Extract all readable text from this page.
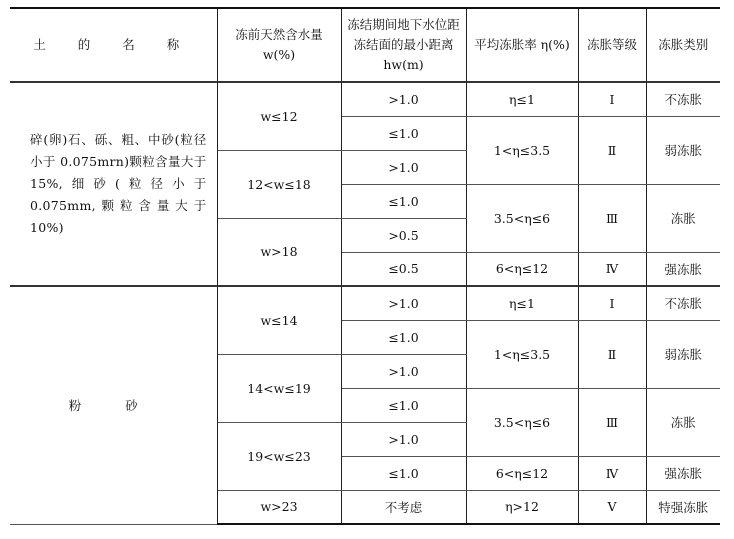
土 的 名 称	冻前天然含水量 w(%)	冻结期间地下水位距冻结面的最小距离 hw(m)	平均冻胀率 η(%)	冻胀等级	冻胀类别
碎(卵)石、砾、粗、中砂(粒径小于 0.075mrn)颗粒含量大于 15%,细砂(粒径小于 0.075mm,颗粒含量大于 10%)	w≤12	>1.0	η≤1	Ⅰ	不冻胀
		≤1.0	1<η≤3.5	Ⅱ	弱冻胀
	12<w≤18	>1.0			
		≤1.0	3.5<η≤6	Ⅲ	冻胀
	w>18	>0.5			
		≤0.5	6<η≤12	Ⅳ	强冻胀
粉 砂	w≤14	>1.0	η≤1	Ⅰ	不冻胀
		≤1.0	1<η≤3.5	Ⅱ	弱冻胀
	14<w≤19	>1.0			
		≤1.0	3.5<η≤6	Ⅲ	冻胀
	19<w≤23	>1.0			
		≤1.0	6<η≤12	Ⅳ	强冻胀
	w>23	不考虑	η>12	Ⅴ	特强冻胀
